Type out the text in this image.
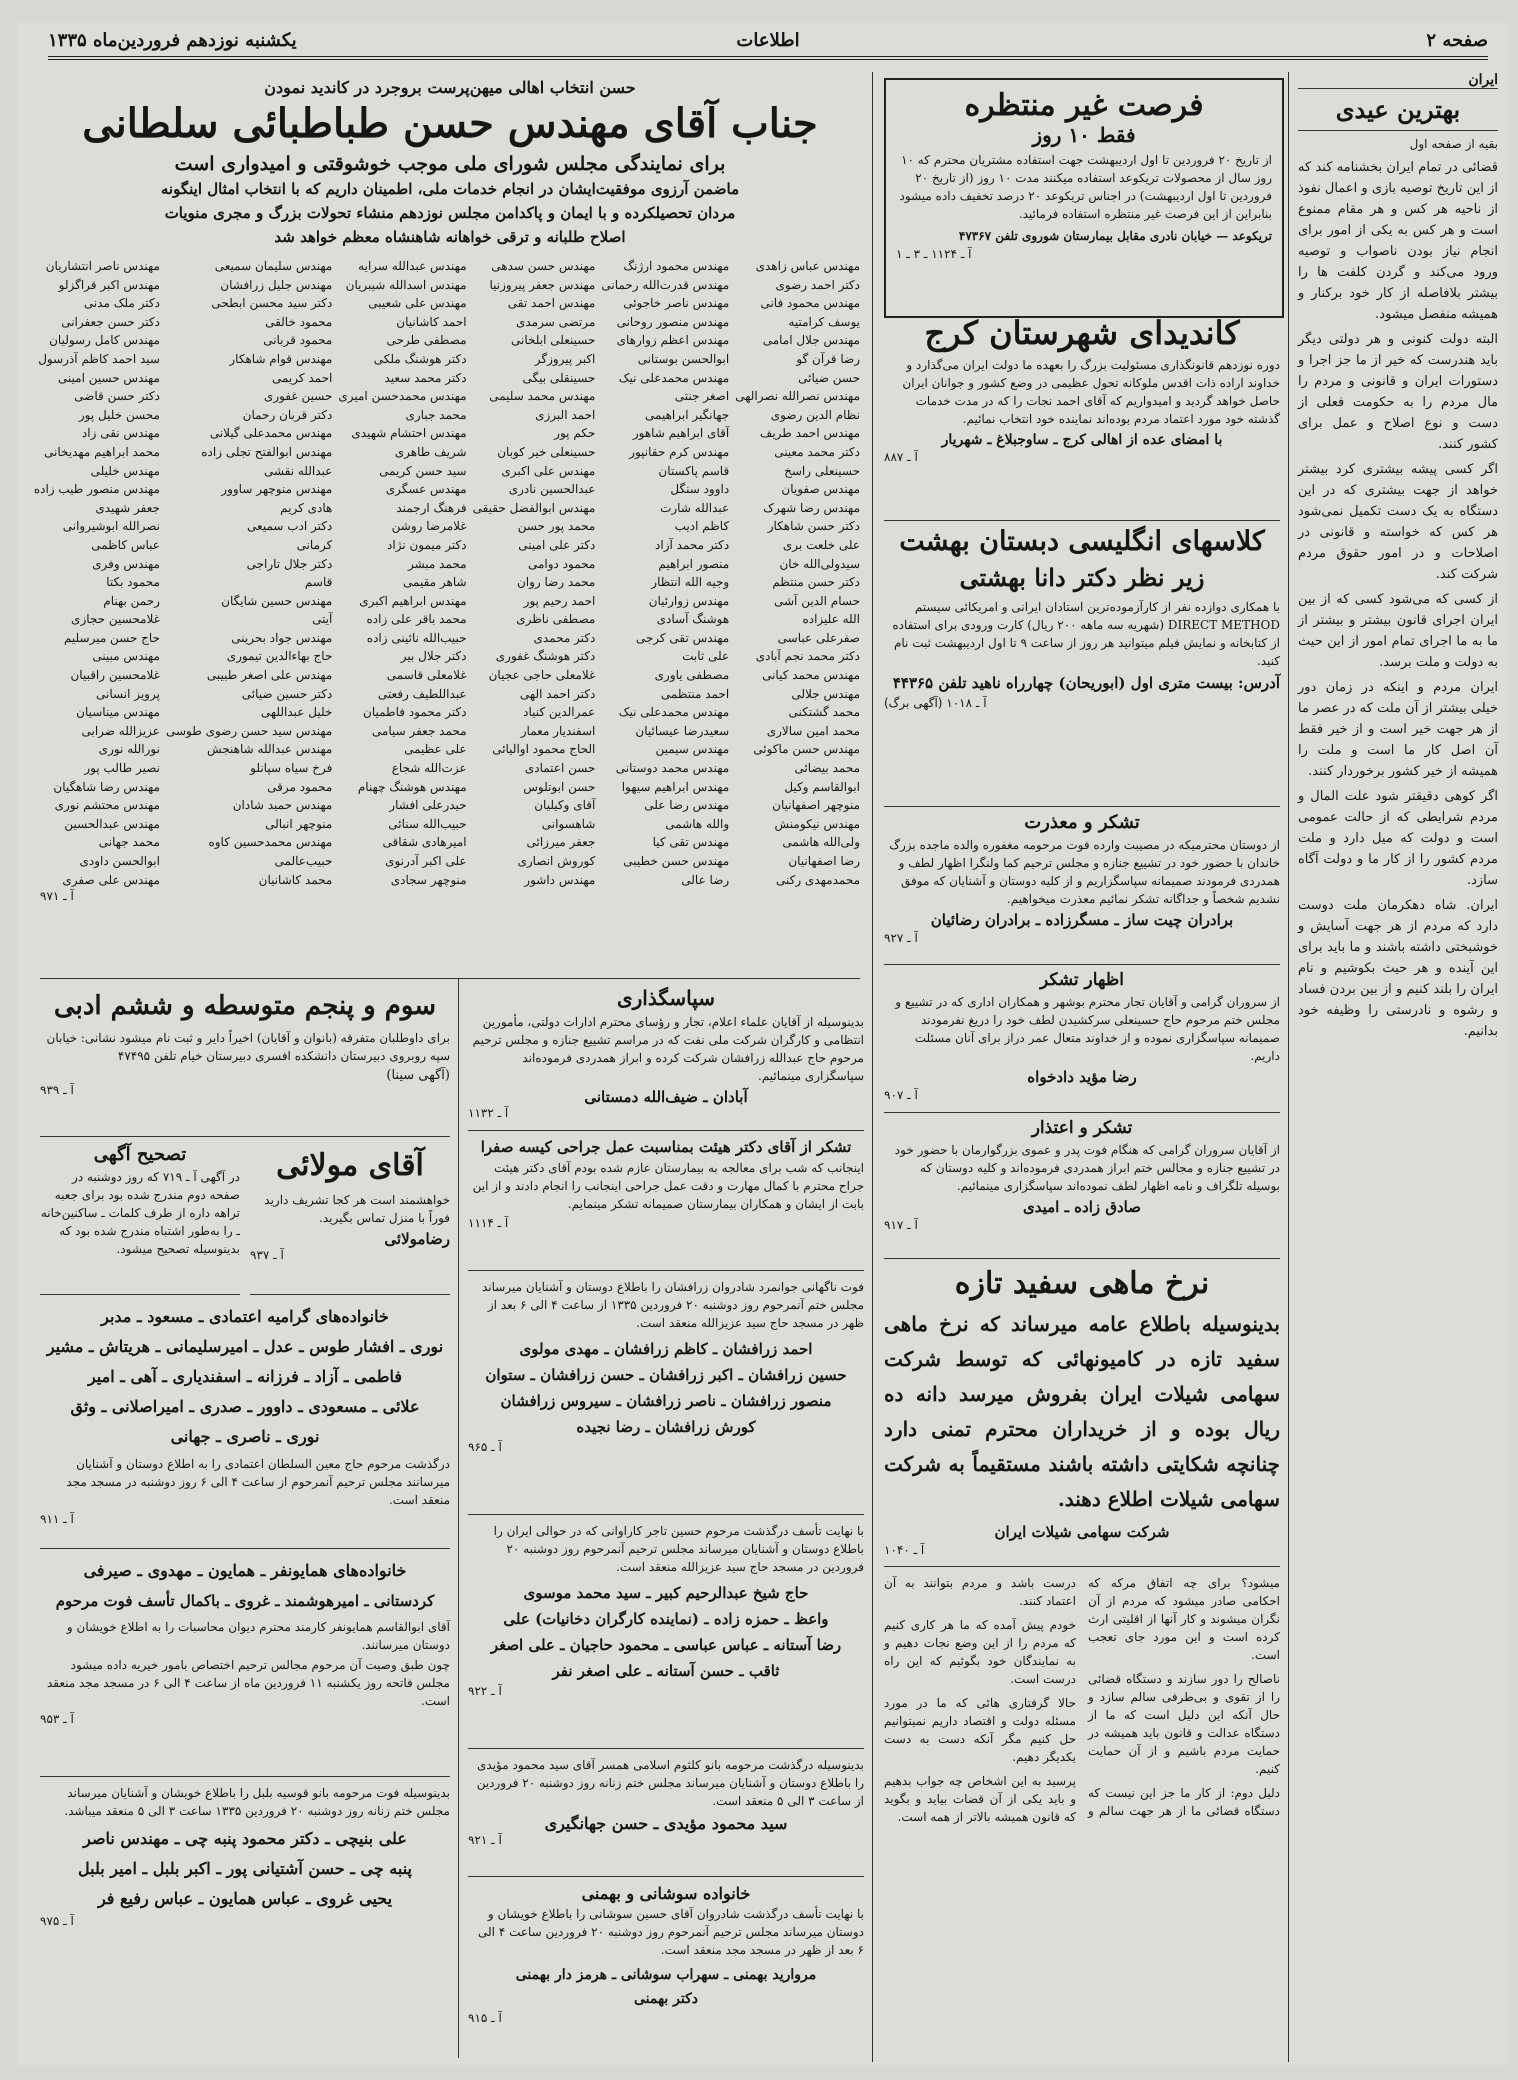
یکشنبه نوزدهم فروردین‌ماه ۱۳۳۵	اطلاعات	صفحه ۲
ایران
بهترین عیدی

بقیه از صفحه اول

قضائی در تمام ایران بخشنامه کند که از این تاریخ توصیه بازی و اعمال نفوذ از ناحیه هر کس و هر مقام ممنوع است و هر کس به یکی از امور برای انجام نیاز بودن ناصواب و توصیه ورود می‌کند و گردن کلفت ها را بیشتر بلافاصله از کار خود برکنار و همیشه منفصل میشود.

البته دولت کنونی و هر دولتی دیگر باید هندرست که خیر از ما جز اجرا و دستورات ایران و قانونی و مردم را مال مردم را به حکومت فعلی از دست و نوع اصلاح و عمل برای کشور کنند.

اگر کسی پیشه بیشتری کرد بیشتر خواهد از جهت بیشتری که در این دستگاه به یک دست تکمیل نمی‌شود هر کس که خواسته و قانونی در اصلاحات و در امور حقوق مردم شرکت کند.

از کسی که می‌شود کسی که از بین ایران اجرای قانون بیشتر و بیشتر از ما به ما اجرای تمام امور از این حیث به دولت و ملت برسد.

ایران مردم و اینکه در زمان دور خیلی بیشتر از آن ملت که در عصر ما از هر جهت خیر است و از خیر فقط آن اصل کار ما است و ملت را همیشه از خیر کشور برخوردار کنند.

اگر کوهی دقیقتر شود علت المال و مردم شرایطی که از حالت عمومی است و دولت که میل دارد و ملت مردم کشور را از کار ما و دولت آگاه سازد.

ایران. شاه دهکرمان ملت دوست دارد که مردم از هر جهت آسایش و خوشبختی داشته باشند و ما باید برای این آینده و هر حیث بکوشیم و نام ایران را بلند کنیم و از بین بردن فساد و رشوه و نادرستی را وظیفه خود بدانیم.

فرصت غیر منتظره
فقط ۱۰ روز

از تاریخ ۲۰ فروردین تا اول اردیبهشت جهت استفاده مشتریان محترم که ۱۰ روز سال از محصولات تریکوعد استفاده میکنند مدت ۱۰ روز (از تاریخ ۲۰ فروردین تا اول اردیبهشت) در اجناس تریکوعد ۲۰ درصد تخفیف داده میشود بنابراین از این فرصت غیر منتظره استفاده فرمائید.

تریکوعد — خیابان نادری مقابل بیمارستان شوروی تلفن ۴۷۳۶۷

آ ـ ۱۱۲۴ ـ ۳ ـ ۱
کاندیدای شهرستان کرج

دوره نوزدهم قانونگذاری مسئولیت بزرگ را بعهده ما دولت ایران می‌گذارد و خداوند اراده ذات اقدس ملوکانه تحول عظیمی در وضع کشور و جوانان ایران حاصل خواهد گردید و امیدواریم که آقای احمد نجات را که در مدت خدمات گذشته خود مورد اعتماد مردم بوده‌اند نماینده خود انتخاب نمائیم.

با امضای عده از اهالی کرج ـ ساوجبلاغ ـ شهریار

آ ـ ۸۸۷
کلاسهای انگلیسی دبستان بهشت
زیر نظر دکتر دانا بهشتی

با همکاری دوازده نفر از کارآزموده‌ترین استادان ایرانی و امریکائی سیستم DIRECT METHOD (شهریه سه ماهه ۲۰۰ ریال) کارت ورودی برای استفاده از کتابخانه و نمایش فیلم میتوانید هر روز از ساعت ۹ تا اول اردیبهشت ثبت نام کنید.

آدرس: بیست متری اول (ابوریحان) چهارراه ناهید تلفن ۴۴۳۶۵

آ ـ ۱۰۱۸ (آگهی برگ)
تشکر و معذرت

از دوستان محترمیکه در مصیبت وارده فوت مرحومه مغفوره والده ماجده بزرگ خاندان با حضور خود در تشییع جنازه و مجلس ترحیم کما ولنگرا اظهار لطف و همدردی فرمودند صمیمانه سپاسگزاریم و از کلیه دوستان و آشنایان که موفق نشدیم شخصاً و جداگانه تشکر نمائیم معذرت میخواهیم.

برادران چیت ساز ـ مسگرزاده ـ برادران رضائیان

آ ـ ۹۲۷
اظهار تشکر

از سروران گرامی و آقایان تجار محترم بوشهر و همکاران اداری که در تشییع و مجلس ختم مرحوم حاج حسینعلی سرکشیدن لطف خود را دریغ نفرمودند صمیمانه سپاسگزاری نموده و از خداوند متعال عمر دراز برای آنان مسئلت داریم.

رضا مؤید دادخواه

آ ـ ۹۰۷
تشکر و اعتذار

از آقایان سروران گرامی که هنگام فوت پدر و عموی بزرگوارمان با حضور خود در تشییع جنازه و مجالس ختم ابراز همدردی فرموده‌اند و کلیه دوستان که بوسیله تلگراف و نامه اظهار لطف نموده‌اند سپاسگزاری مینمائیم.

صادق زاده ـ امیدی

آ ـ ۹۱۷
نرخ ماهی سفید تازه

بدینوسیله باطلاع عامه میرساند که نرخ ماهی سفید تازه در کامیونهائی که توسط شرکت سهامی شیلات ایران بفروش میرسد دانه ده ریال بوده و از خریداران محترم تمنی دارد چنانچه شکایتی داشته باشند مستقیماً به شرکت سهامی شیلات اطلاع دهند.

شرکت سهامی شیلات ایران

آ ـ ۱۰۴۰

میشود؟ برای چه اتفاق مرکه که احکامی صادر میشود که مردم از آن نگران میشوند و کار آنها از اقلیتی ارث کرده است و این مورد جای تعجب است.

ناصالح را دور سازند و دستگاه قضائی را از تقوی و بی‌طرفی سالم سازد و حال آنکه این دلیل است که ما از دستگاه عدالت و قانون باید همیشه در حمایت مردم باشیم و از آن حمایت کنیم.

دلیل دوم: از کار ما جز این نیست که دستگاه قضائی ما از هر جهت سالم و درست باشد و مردم بتوانند به آن اعتماد کنند.

خودم پیش آمده که ما هر کاری کنیم که مردم را از این وضع نجات دهیم و به نمایندگان خود بگوئیم که این راه درست است.

حالا گرفتاری هائی که ما در مورد مسئله دولت و اقتصاد داریم نمیتوانیم حل کنیم مگر آنکه دست به دست یکدیگر دهیم.

پرسید به این اشخاص چه جواب بدهیم و باید یکی از آن قضات بیاید و بگوید که قانون همیشه بالاتر از همه است.

حسن انتخاب اهالی میهن‌پرست بروجرد در کاندید نمودن

جناب آقای مهندس حسن طباطبائی سلطانی

برای نمایندگی مجلس شورای ملی موجب خوشوقتی و امیدواری است

ماضمن آرزوی موفقیت‌ایشان در انجام خدمات ملی، اطمینان داریم که با انتخاب امثال اینگونه

مردان تحصیلکرده و با ایمان و پاکدامن مجلس نوزدهم منشاء تحولات بزرگ و مجری منویات

اصلاح طلبانه و ترقی خواهانه شاهنشاه معظم خواهد شد

مهندس عباس زاهدی
مهندس محمود ارژنگ
مهندس حسن سدهی
مهندس عبدالله سرایه
مهندس سلیمان سمیعی
مهندس ناصر انتشاریان
دکتر احمد رضوی
مهندس قدرت‌الله رحمانی
مهندس جعفر پیروزنیا
مهندس اسدالله شیبریان
مهندس جلیل زرافشان
مهندس اکبر قراگزلو
مهندس محمود فانی
مهندس ناصر خاجوئی
مهندس احمد تقی
مهندس علی شعیبی
دکتر سید محسن ابطحی
دکتر ملک مدنی
یوسف کرامتیه
مهندس منصور روحانی
مرتضی سرمدی
احمد کاشانیان
محمود خالقی
دکتر حسن جعفرانی
مهندس جلال امامی
مهندس اعظم زوارهای
حسینعلی ابلخانی
مصطفی طرحی
محمود قربانی
مهندس کامل رسولیان
رضا قرآن گو
ابوالحسن بوستانی
اکبر پیروزگر
دکتر هوشنگ ملکی
مهندس قوام شاهکار
سید احمد کاظم آذرسول
حسن ضیائی
مهندس محمدعلی نیک
حسینقلی بیگی
دکتر محمد سعید
احمد کریمی
مهندس حسین امینی
مهندس نصرالله نصرالهی
اصغر جنتی
مهندس محمد سلیمی
مهندس محمدحسن امیری
حسین غفوری
دکتر حسن قاضی
نظام الدین رضوی
جهانگیر ابراهیمی
احمد البرزی
محمد جباری
دکتر قربان رحمان
محسن خلیل پور
مهندس احمد طریف
آقای ابراهیم شاهور
حکم پور
مهندس احتشام شهیدی
مهندس محمدعلی گیلانی
مهندس نقی زاد
دکتر محمد معینی
مهندس کرم حقانپور
حسینعلی خیر کوبان
شریف طاهری
مهندس ابوالفتح تجلی زاده
محمد ابراهیم مهدیخانی
حسینعلی راسخ
قاسم پاکستان
مهندس علی اکبری
سید حسن کریمی
عبدالله نقشی
مهندس خلیلی
مهندس صفویان
داوود سنگل
عبدالحسین نادری
مهندس عسگری
مهندس منوچهر ساوور
مهندس منصور طیب زاده
مهندس رضا شهرک
عبدالله شارت
مهندس ابوالفضل حقیقی
فرهنگ ارجمند
هادی کریم
جعفر شهیدی
دکتر حسن شاهکار
کاظم ادیب
محمد پور حسن
غلامرضا روشن
دکتر ادب سمیعی
نصرالله ابوشیروانی
علی خلعت بری
دکتر محمد آزاد
دکتر علی امینی
دکتر میمون نژاد
کرمانی
عباس کاظمی
سیدولی‌الله خان
منصور ابراهیم
محمود دوامی
محمد مبشر
دکتر جلال تاراجی
مهندس وفری
دکتر حسن منتظم
وجیه الله انتظار
محمد رضا روان
شاهر مقیمی
قاسم
محمود بکتا
حسام الدین آشی
مهندس زوارئیان
احمد رحیم پور
مهندس ابراهیم اکبری
مهندس حسین شایگان
رحمن بهنام
الله علیزاده
هوشنگ آسادی
مصطفی ناظری
محمد باقر علی زاده
آیتی
غلامحسین حجازی
صفرعلی عباسی
مهندس تقی کرجی
دکتر محمدی
حبیب‌الله نائینی زاده
مهندس جواد بحرینی
حاج حسن میرسلیم
دکتر محمد نجم آبادی
علی ثابت
دکتر هوشنگ غفوری
دکتر جلال بیر
حاج بهاءالدین تیموری
مهندس مبینی
مهندس محمد کیانی
مصطفی یاوری
غلامعلی حاجی عجیان
غلامعلی قاسمی
مهندس علی اصغر طبیبی
غلامحسین راقبیان
مهندس جلالی
احمد منتظمی
دکتر احمد الهی
عبداللطیف رفعتی
دکتر حسین ضیائی
پرویز انسانی
محمد گشتکنی
مهندس محمدعلی نیک
عمرالدین کنیاد
دکتر محمود فاطمیان
خلیل عبداللهی
مهندس میناسیان
محمد امین سالاری
سعیدرضا عیسائیان
اسفندیار معمار
محمد جعفر سیامی
مهندس سید حسن رضوی طوسی
عزیزالله ضرابی
مهندس حسن ماکوئی
مهندس سیمین
الحاج محمود اوالیائی
علی عظیمی
مهندس عبدالله شاهنجش
نورالله نوری
محمد بیضائی
مهندس محمد دوستانی
حسن اعتمادی
عزت‌الله شجاع
فرخ سیاه سپانلو
نصیر طالب پور
ابوالقاسم وکیل
مهندس ابراهیم سیهوا
حسن ابوتلوس
مهندس هوشنگ چهنام
محمود مرقی
مهندس رضا شاهگیان
منوچهر اصفهانیان
مهندس رضا علی
آقای وکیلیان
حیدرعلی افشار
مهندس حمید شادان
مهندس محتشم نوری
مهندس نیکومنش
والله هاشمی
شاهسوانی
حبیب‌الله سنائی
منوچهر انبالی
مهندس عبدالحسین
ولی‌الله هاشمی
مهندس تقی کیا
جعفر میرزائی
امیرهادی شقاقی
مهندس محمدحسین کاوه
محمد جهانی
رضا اصفهانیان
مهندس حسن خطیبی
کوروش انصاری
علی اکبر آدرنوی
حبیب‌عالمی
ابوالحسن داودی
محمدمهدی رکنی
رضا عالی
مهندس داشور
منوچهر سجادی
محمد کاشانیان
مهندس علی صفری
آ ـ ۹۷۱
سپاسگذاری

بدینوسیله از آقایان علماء اعلام، تجار و رؤسای محترم ادارات دولتی، مأمورین انتظامی و کارگران شرکت ملی نفت که در مراسم تشییع جنازه و مجلس ترحیم مرحوم حاج عبدالله زرافشان شرکت کرده و ابراز همدردی فرموده‌اند سپاسگزاری مینمائیم.

آبادان ـ ضیف‌الله دمستانی

آ ـ ۱۱۳۲
تشکر از آقای دکتر هیئت بمناسبت عمل جراحی کیسه صفرا

اینجانب که شب برای معالجه به بیمارستان عازم شده بودم آقای دکتر هیئت جراح محترم با کمال مهارت و دقت عمل جراحی اینجانب را انجام دادند و از این بابت از ایشان و همکاران بیمارستان صمیمانه تشکر مینمایم.

آ ـ ۱۱۱۴

فوت ناگهانی جوانمرد شادروان زرافشان را باطلاع دوستان و آشنایان میرساند مجلس ختم آنمرحوم روز دوشنبه ۲۰ فروردین ۱۳۳۵ از ساعت ۴ الی ۶ بعد از ظهر در مسجد حاج سید عزیزالله منعقد است.

احمد زرافشان ـ کاظم زرافشان ـ مهدی مولوی

حسین زرافشان ـ اکبر زرافشان ـ حسن زرافشان ـ ستوان

منصور زرافشان ـ ناصر زرافشان ـ سیروس زرافشان

کورش زرافشان ـ رضا نجیده

آ ـ ۹۶۵

با نهایت تأسف درگذشت مرحوم حسین تاجر کاراوانی که در حوالی ایران را باطلاع دوستان و آشنایان میرساند مجلس ترحیم آنمرحوم روز دوشنبه ۲۰ فروردین در مسجد حاج سید عزیزالله منعقد است.

حاج شیخ عبدالرحیم کبیر ـ سید محمد موسوی

واعظ ـ حمزه زاده ـ (نماینده کارگران دخانیات) علی

رضا آستانه ـ عباس عباسی ـ محمود حاجیان ـ علی اصغر

ثاقب ـ حسن آستانه ـ علی اصغر نفر

آ ـ ۹۲۲

بدینوسیله درگذشت مرحومه بانو کلثوم اسلامی همسر آقای سید محمود مؤیدی را باطلاع دوستان و آشنایان میرساند مجلس ختم زنانه روز دوشنبه ۲۰ فروردین از ساعت ۳ الی ۵ منعقد است.

سید محمود مؤیدی ـ حسن جهانگیری

آ ـ ۹۲۱
خانواده سوشانی و بهمنی

با نهایت تأسف درگذشت شادروان آقای حسین سوشانی را باطلاع خویشان و دوستان میرساند مجلس ترحیم آنمرحوم روز دوشنبه ۲۰ فروردین ساعت ۴ الی ۶ بعد از ظهر در مسجد مجد منعقد است.

مروارید بهمنی ـ سهراب سوشانی ـ هرمز دار بهمنی

دکتر بهمنی

آ ـ ۹۱۵
سوم و پنجم متوسطه و ششم ادبی

برای داوطلبان متفرقه (بانوان و آقایان) اخیراً دایر و ثبت نام میشود نشانی: خیابان سپه روبروی دبیرستان دانشکده افسری دبیرستان خیام تلفن ۴۷۴۹۵

(آگهی سینا)

آ ـ ۹۳۹
تصحیح آگهی

در آگهی آ ـ ۷۱۹ که روز دوشنبه در صفحه دوم مندرج شده بود برای جعبه تراهه داره از طرف کلمات ـ ساکنین‌خانه ـ را به‌طور اشتباه مندرج شده بود که بدینوسیله تصحیح میشود.

آقای مولائی

خواهشمند است هر کجا تشریف دارید فوراً با منزل تماس بگیرید.

رضامولائی

آ ـ ۹۳۷

خانواده‌های گرامیه اعتمادی ـ مسعود ـ مدبر

نوری ـ افشار طوس ـ عدل ـ امیرسلیمانی ـ هریتاش ـ مشیر

فاطمی ـ آزاد ـ فرزانه ـ اسفندیاری ـ آهی ـ امیر

علائی ـ مسعودی ـ داوور ـ صدری ـ امیراصلانی ـ وثق

نوری ـ ناصری ـ جهانی

درگذشت مرحوم حاج معین السلطان اعتمادی را به اطلاع دوستان و آشنایان میرسانند مجلس ترحیم آنمرحوم از ساعت ۴ الی ۶ روز دوشنبه در مسجد مجد منعقد است.

آ ـ ۹۱۱

خانواده‌های همایونفر ـ همایون ـ مهدوی ـ صیرفی

کردستانی ـ امیرهوشمند ـ غروی ـ باکمال تأسف فوت مرحوم

آقای ابوالقاسم همایونفر کارمند محترم دیوان محاسبات را به اطلاع خویشان و دوستان میرسانند.

چون طبق وصیت آن مرحوم مجالس ترحیم اختصاص بامور خیریه داده میشود مجلس فاتحه روز یکشنبه ۱۱ فروردین ماه از ساعت ۴ الی ۶ در مسجد مجد منعقد است.

آ ـ ۹۵۳

بدینوسیله فوت مرحومه بانو قوسیه بلبل را باطلاع خویشان و آشنایان میرساند مجلس ختم زنانه روز دوشنبه ۲۰ فروردین ۱۳۳۵ ساعت ۳ الی ۵ منعقد میباشد.

علی بنیچی ـ دکتر محمود پنبه چی ـ مهندس ناصر

پنبه چی ـ حسن آشتیانی پور ـ اکبر بلبل ـ امیر بلبل

یحیی غروی ـ عباس همایون ـ عباس رفیع فر

آ ـ ۹۷۵
